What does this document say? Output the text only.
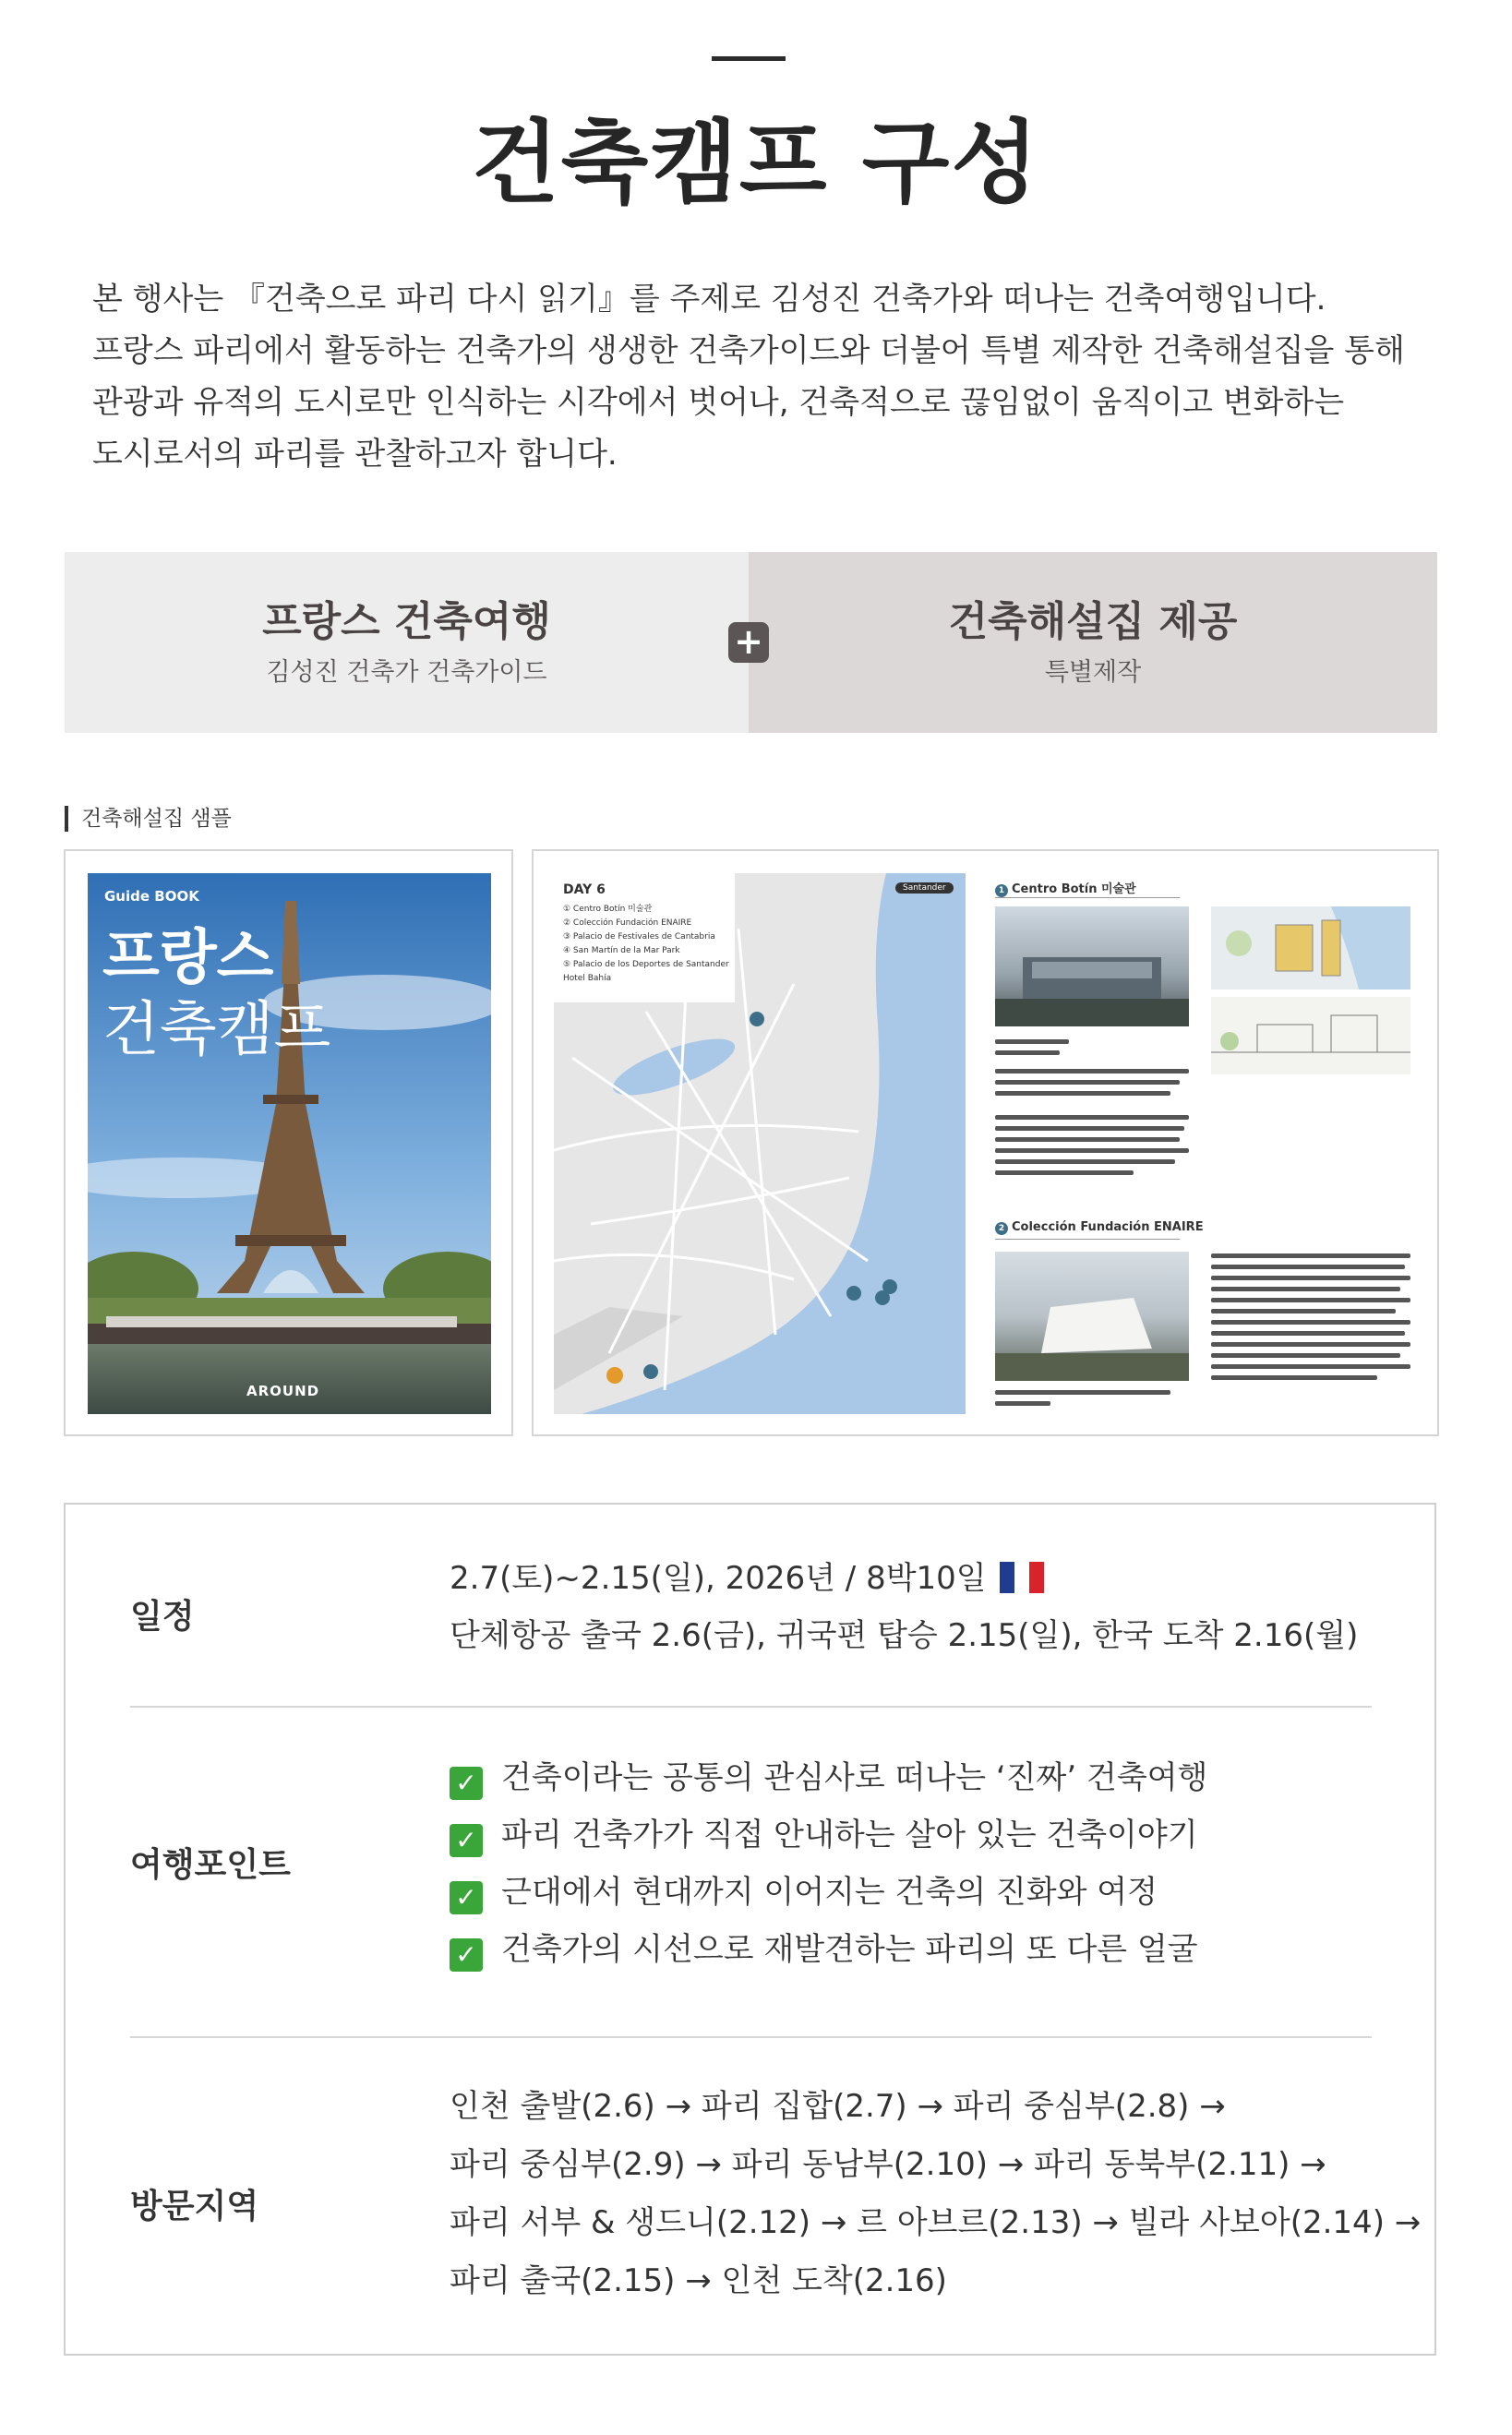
건축캠프 구성

본 행사는 『건축으로 파리 다시 읽기』를 주제로 김성진 건축가와 떠나는 건축여행입니다.

프랑스 파리에서 활동하는 건축가의 생생한 건축가이드와 더불어 특별 제작한 건축해설집을 통해

관광과 유적의 도시로만 인식하는 시각에서 벗어나, 건축적으로 끊임없이 움직이고 변화하는

도시로서의 파리를 관찰하고자 합니다.

프랑스 건축여행
김성진 건축가 건축가이드
건축해설집 제공
특별제작
+
건축해설집 샘플
Guide BOOK
프랑스
건축캠프
AROUND
DAY 6
① Centro Botín 미술관
② Colección Fundación ENAIRE
③ Palacio de Festivales de Cantabria
④ San Martín de la Mar Park
⑤ Palacio de los Deportes de Santander
Hotel Bahía
Santander	1 Centro Botín 미술관
2 Colección Fundación ENAIRE
일정
2.7(토)~2.15(일), 2026년 / 8박10일
단체항공 출국 2.6(금), 귀국편 탑승 2.15(일), 한국 도착 2.16(월)
여행포인트
✓ 건축이라는 공통의 관심사로 떠나는 ‘진짜’ 건축여행
✓ 파리 건축가가 직접 안내하는 살아 있는 건축이야기
✓ 근대에서 현대까지 이어지는 건축의 진화와 여정
✓ 건축가의 시선으로 재발견하는 파리의 또 다른 얼굴
방문지역
인천 출발(2.6) → 파리 집합(2.7) → 파리 중심부(2.8) →
파리 중심부(2.9) → 파리 동남부(2.10) → 파리 동북부(2.11) →
파리 서부 & 생드니(2.12) → 르 아브르(2.13) → 빌라 사보아(2.14) →
파리 출국(2.15) → 인천 도착(2.16)
